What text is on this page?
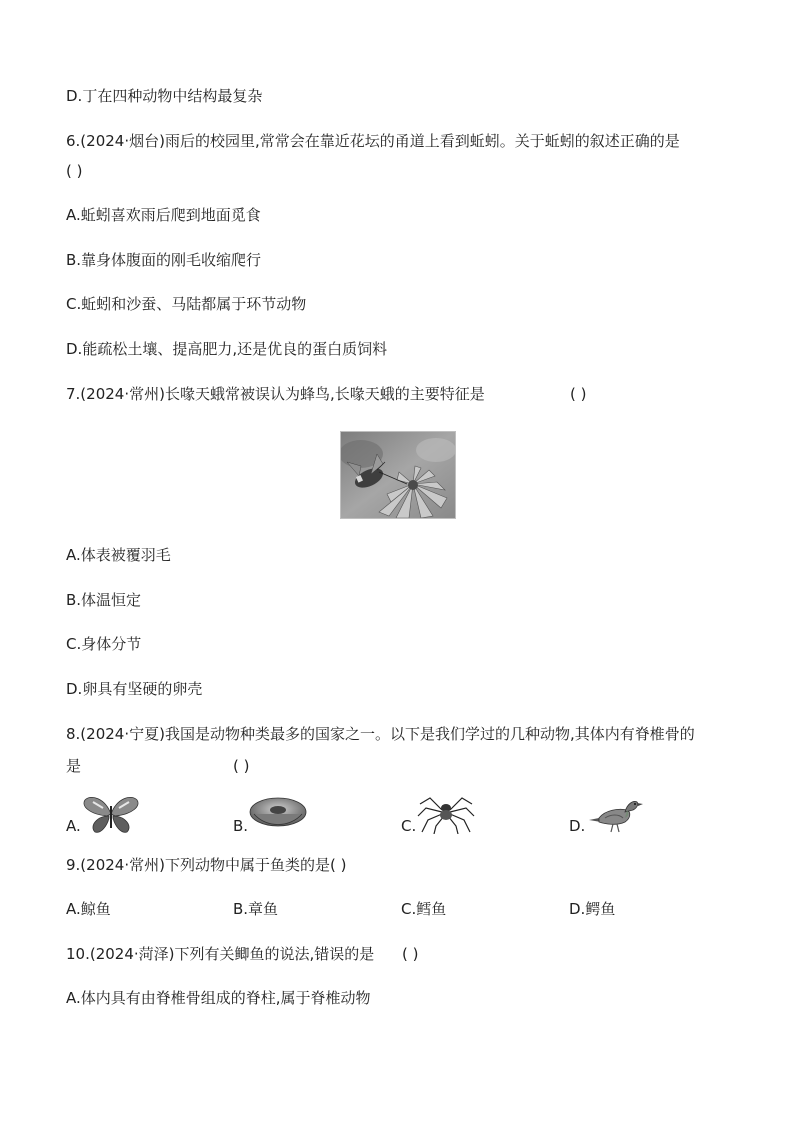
D.丁在四种动物中结构最复杂
6.(2024·烟台)雨后的校园里,常常会在靠近花坛的甬道上看到蚯蚓。关于蚯蚓的叙述正确的是
( )
A.蚯蚓喜欢雨后爬到地面觅食
B.靠身体腹面的刚毛收缩爬行
C.蚯蚓和沙蚕、马陆都属于环节动物
D.能疏松土壤、提高肥力,还是优良的蛋白质饲料
7.(2024·常州)长喙天蛾常被误认为蜂鸟,长喙天蛾的主要特征是	( )
A.体表被覆羽毛
B.体温恒定
C.身体分节
D.卵具有坚硬的卵壳
8.(2024·宁夏)我国是动物种类最多的国家之一。以下是我们学过的几种动物,其体内有脊椎骨的
是	( )
A.	B.	C.	D.
9.(2024·常州)下列动物中属于鱼类的是( )
A.鲸鱼	B.章鱼	C.鳕鱼	D.鳄鱼
10.(2024·菏泽)下列有关鲫鱼的说法,错误的是 ( )
A.体内具有由脊椎骨组成的脊柱,属于脊椎动物
